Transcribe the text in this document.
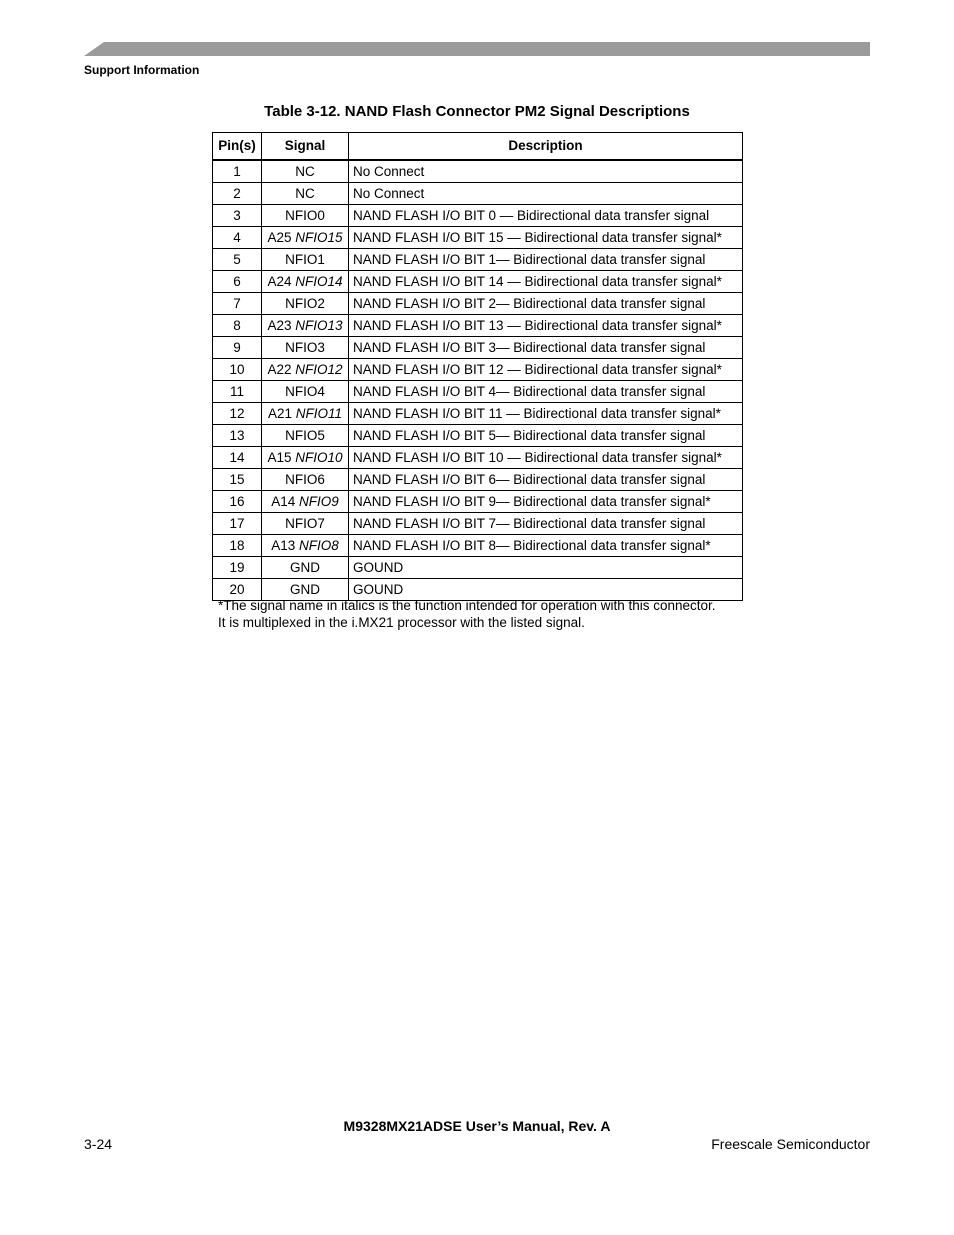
Support Information
Table 3-12. NAND Flash Connector PM2 Signal Descriptions
Pin(s)	Signal	Description
1	NC	No Connect
2	NC	No Connect
3	NFIO0	NAND FLASH I/O BIT 0 — Bidirectional data transfer signal
4	A25 NFIO15	NAND FLASH I/O BIT 15 — Bidirectional data transfer signal*
5	NFIO1	NAND FLASH I/O BIT 1— Bidirectional data transfer signal
6	A24 NFIO14	NAND FLASH I/O BIT 14 — Bidirectional data transfer signal*
7	NFIO2	NAND FLASH I/O BIT 2— Bidirectional data transfer signal
8	A23 NFIO13	NAND FLASH I/O BIT 13 — Bidirectional data transfer signal*
9	NFIO3	NAND FLASH I/O BIT 3— Bidirectional data transfer signal
10	A22 NFIO12	NAND FLASH I/O BIT 12 — Bidirectional data transfer signal*
11	NFIO4	NAND FLASH I/O BIT 4— Bidirectional data transfer signal
12	A21 NFIO11	NAND FLASH I/O BIT 11 — Bidirectional data transfer signal*
13	NFIO5	NAND FLASH I/O BIT 5— Bidirectional data transfer signal
14	A15 NFIO10	NAND FLASH I/O BIT 10 — Bidirectional data transfer signal*
15	NFIO6	NAND FLASH I/O BIT 6— Bidirectional data transfer signal
16	A14 NFIO9	NAND FLASH I/O BIT 9— Bidirectional data transfer signal*
17	NFIO7	NAND FLASH I/O BIT 7— Bidirectional data transfer signal
18	A13 NFIO8	NAND FLASH I/O BIT 8— Bidirectional data transfer signal*
19	GND	GOUND
20	GND	GOUND
*The signal name in italics is the function intended for operation with this connector.
It is multiplexed in the i.MX21 processor with the listed signal.
M9328MX21ADSE User’s Manual, Rev. A
3-24	Freescale Semiconductor
